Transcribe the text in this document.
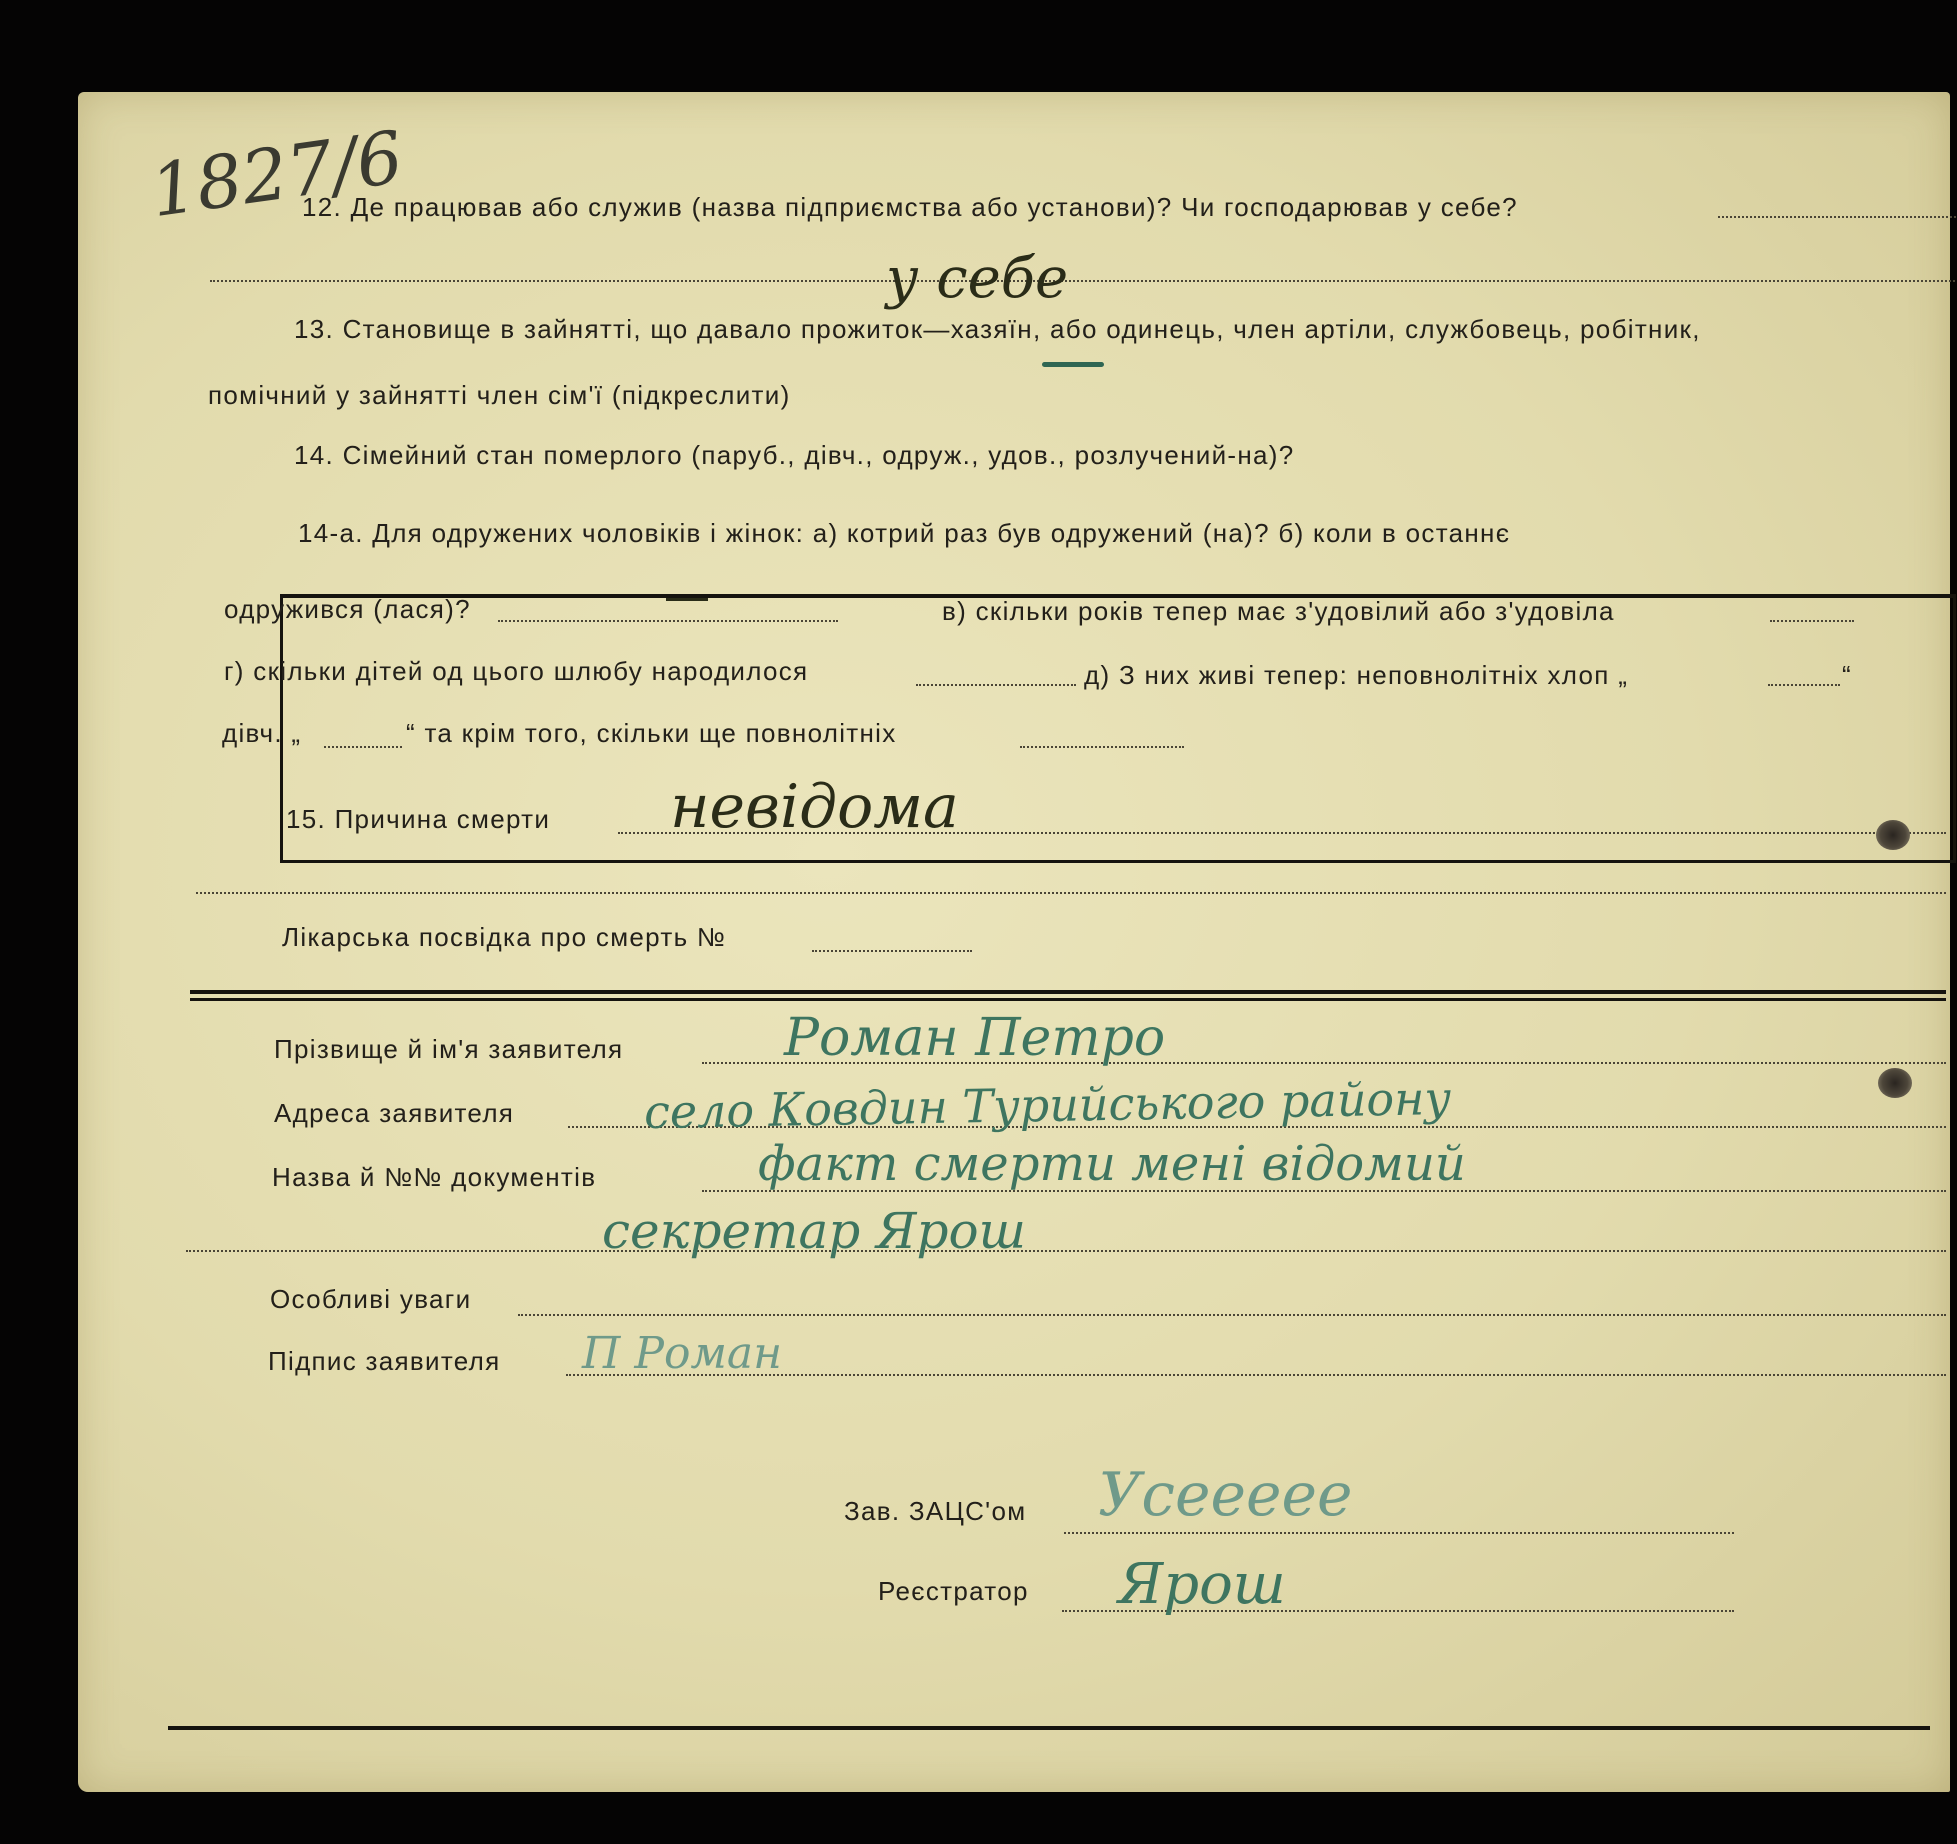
1827/6
12. Де працював або служив (назва підприємства або установи)? Чи господарював у себе?
у себе
13. Становище в зайнятті, що давало прожиток—хазяїн, або одинець, член артіли, службовець, робітник,
помічний у зайнятті член сім'ї (підкреслити)
14. Сімейний стан померлого (паруб., дівч., одруж., удов., розлучений-на)?
14-а. Для одружених чоловіків і жінок: а) котрий раз був одружений (на)? б) коли в останнє
одружився (лася)?	в) скільки років тепер має з'удовілий або з'удовіла
г) скільки дітей од цього шлюбу народилося	д) З них живі тепер: неповнолітніх хлоп „	“
дівч. „	“ та крім того, скільки ще повнолітніх
15. Причина смерти невідома
Лікарська посвідка про смерть №
Прізвище й ім'я заявителя	Роман Петро
Адреса заявителя	село Ковдин Турийського району
Назва й №№ документів	факт смерти мені відомий
секретар Ярош
Особливі уваги
Підпис заявителя П Роман
Зав. ЗАЦС'ом Усеееее
Реєстратор Ярош
